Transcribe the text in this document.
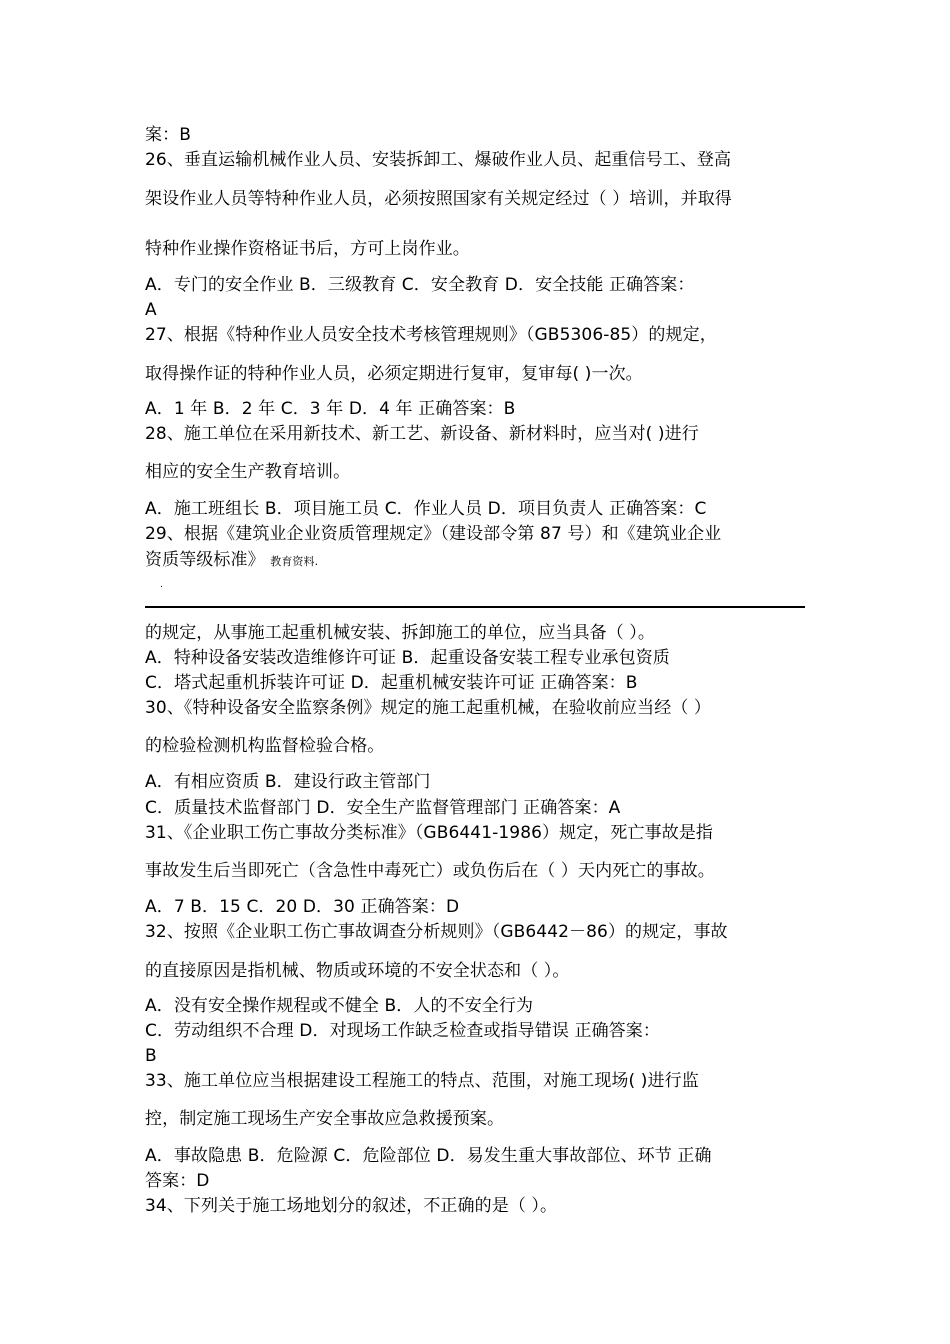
案：B
26、垂直运输机械作业人员、安装拆卸工、爆破作业人员、起重信号工、登高
架设作业人员等特种作业人员，必须按照国家有关规定经过（ ）培训，并取得
特种作业操作资格证书后，方可上岗作业。
A．专门的安全作业 B．三级教育 C．安全教育 D．安全技能 正确答案：
A
27、根据《特种作业人员安全技术考核管理规则》（GB5306-85）的规定，
取得操作证的特种作业人员，必须定期进行复审，复审每( )一次。
A．1 年 B．2 年 C．3 年 D．4 年 正确答案：B
28、施工单位在采用新技术、新工艺、新设备、新材料时，应当对( )进行
相应的安全生产教育培训。
A．施工班组长 B．项目施工员 C．作业人员 D．项目负责人 正确答案：C
29、根据《建筑业企业资质管理规定》（建设部令第 87 号）和《建筑业企业
资质等级标准》 教育资料.
.
的规定，从事施工起重机械安装、拆卸施工的单位，应当具备（ ）。
A．特种设备安装改造维修许可证 B．起重设备安装工程专业承包资质
C．塔式起重机拆装许可证 D．起重机械安装许可证 正确答案：B
30、《特种设备安全监察条例》规定的施工起重机械，在验收前应当经（ ）
的检验检测机构监督检验合格。
A．有相应资质 B．建设行政主管部门
C．质量技术监督部门 D．安全生产监督管理部门 正确答案：A
31、《企业职工伤亡事故分类标准》（GB6441-1986）规定，死亡事故是指
事故发生后当即死亡（含急性中毒死亡）或负伤后在（ ）天内死亡的事故。
A．7 B．15 C．20 D．30 正确答案：D
32、按照《企业职工伤亡事故调查分析规则》（GB6442－86）的规定，事故
的直接原因是指机械、物质或环境的不安全状态和（ ）。
A．没有安全操作规程或不健全 B．人的不安全行为
C．劳动组织不合理 D．对现场工作缺乏检查或指导错误 正确答案：
B
33、施工单位应当根据建设工程施工的特点、范围，对施工现场( )进行监
控，制定施工现场生产安全事故应急救援预案。
A．事故隐患 B．危险源 C．危险部位 D．易发生重大事故部位、环节 正确
答案：D
34、下列关于施工场地划分的叙述，不正确的是（ ）。
